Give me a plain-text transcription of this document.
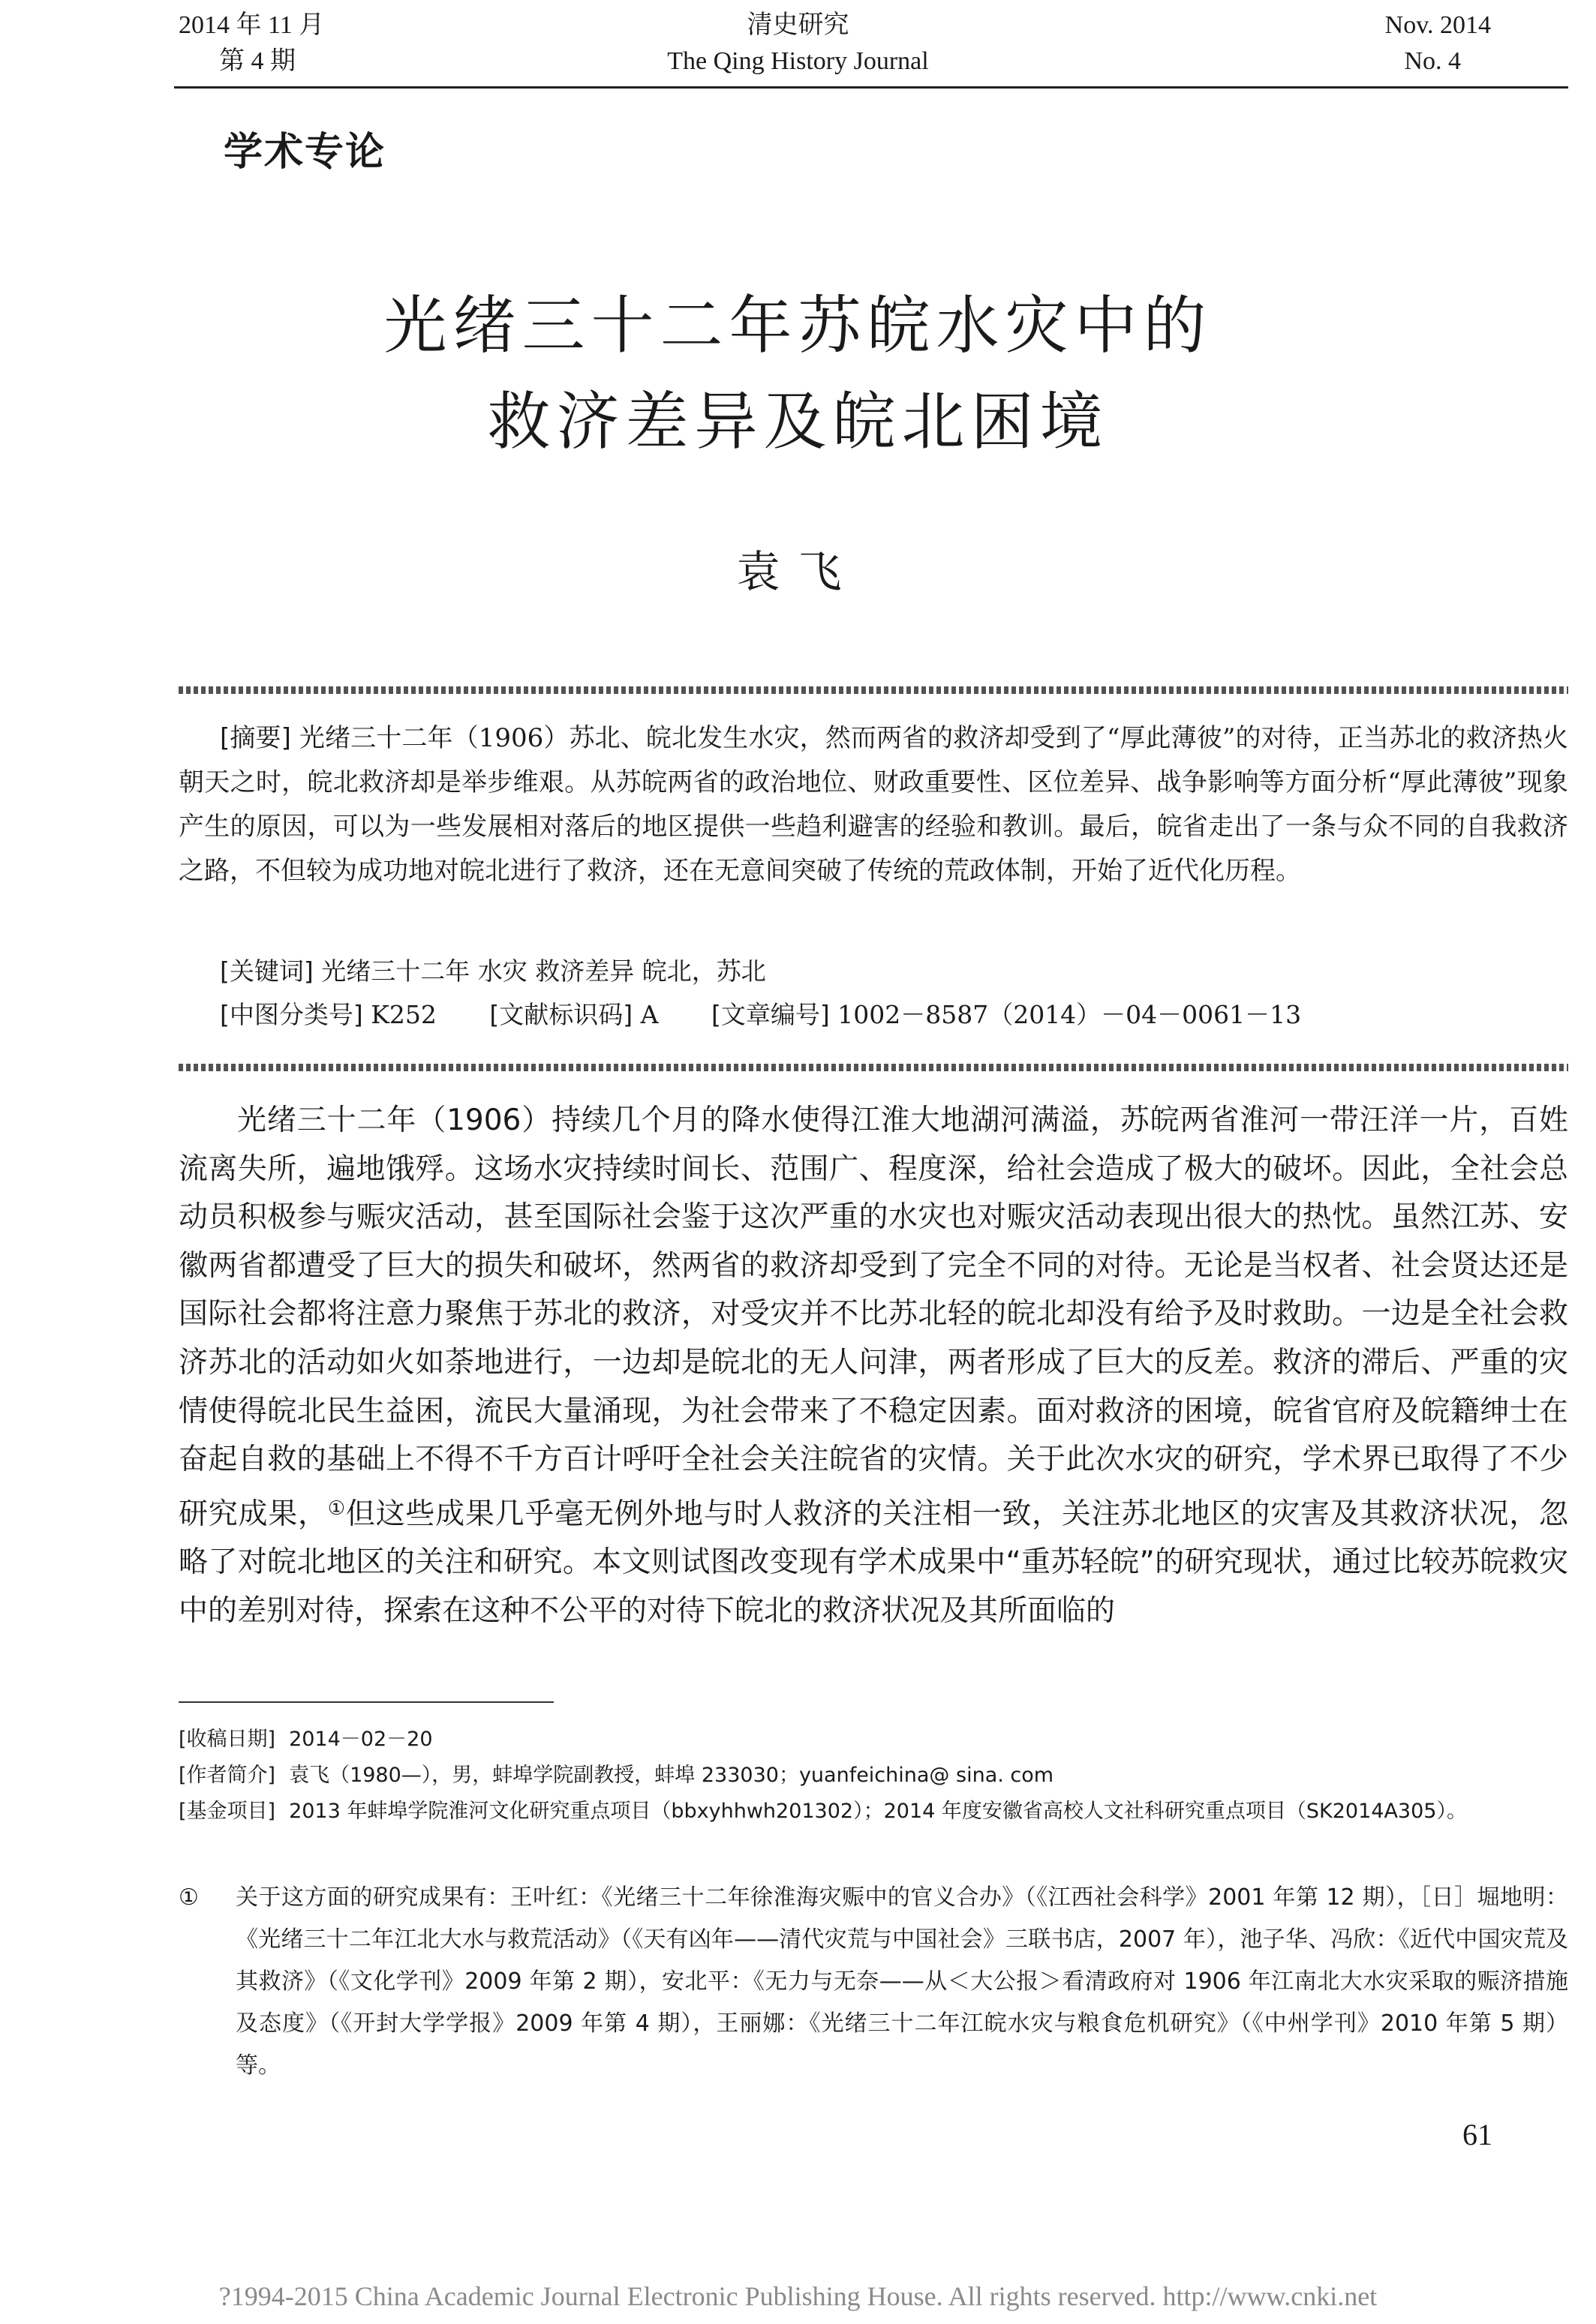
2014 年 11 月
第 4 期
清史研究
The Qing History Journal
Nov. 2014
No. 4
学术专论
光绪三十二年苏皖水灾中的
救济差异及皖北困境
袁飞

[摘要] 光绪三十二年（1906）苏北、皖北发生水灾，然而两省的救济却受到了“厚此薄彼”的对待，正当苏北的救济热火朝天之时，皖北救济却是举步维艰。从苏皖两省的政治地位、财政重要性、区位差异、战争影响等方面分析“厚此薄彼”现象产生的原因，可以为一些发展相对落后的地区提供一些趋利避害的经验和教训。最后，皖省走出了一条与众不同的自我救济之路，不但较为成功地对皖北进行了救济，还在无意间突破了传统的荒政体制，开始了近代化历程。

[关键词] 光绪三十二年 水灾 救济差异 皖北，苏北
[中图分类号] K252 [文献标识码] A [文章编号] 1002－8587（2014）－04－0061－13

光绪三十二年（1906）持续几个月的降水使得江淮大地湖河满溢，苏皖两省淮河一带汪洋一片，百姓流离失所，遍地饿殍。这场水灾持续时间长、范围广、程度深，给社会造成了极大的破坏。因此，全社会总动员积极参与赈灾活动，甚至国际社会鉴于这次严重的水灾也对赈灾活动表现出很大的热忱。虽然江苏、安徽两省都遭受了巨大的损失和破坏，然两省的救济却受到了完全不同的对待。无论是当权者、社会贤达还是国际社会都将注意力聚焦于苏北的救济，对受灾并不比苏北轻的皖北却没有给予及时救助。一边是全社会救济苏北的活动如火如荼地进行，一边却是皖北的无人问津，两者形成了巨大的反差。救济的滞后、严重的灾情使得皖北民生益困，流民大量涌现，为社会带来了不稳定因素。面对救济的困境，皖省官府及皖籍绅士在奋起自救的基础上不得不千方百计呼吁全社会关注皖省的灾情。关于此次水灾的研究，学术界已取得了不少研究成果，①但这些成果几乎毫无例外地与时人救济的关注相一致，关注苏北地区的灾害及其救济状况，忽略了对皖北地区的关注和研究。本文则试图改变现有学术成果中“重苏轻皖”的研究现状，通过比较苏皖救灾中的差别对待，探索在这种不公平的对待下皖北的救济状况及其所面临的

[收稿日期] 2014－02－20
[作者简介] 袁飞（1980—），男，蚌埠学院副教授，蚌埠 233030；yuanfeichina@ sina. com
[基金项目] 2013 年蚌埠学院淮河文化研究重点项目（bbxyhhwh201302）；2014 年度安徽省高校人文社科研究重点项目（SK2014A305）。
①	关于这方面的研究成果有：王叶红：《光绪三十二年徐淮海灾赈中的官义合办》（《江西社会科学》2001 年第 12 期），［日］堀地明：《光绪三十二年江北大水与救荒活动》（《天有凶年——清代灾荒与中国社会》三联书店，2007 年），池子华、冯欣：《近代中国灾荒及其救济》（《文化学刊》2009 年第 2 期），安北平：《无力与无奈——从＜大公报＞看清政府对 1906 年江南北大水灾采取的赈济措施及态度》（《开封大学学报》2009 年第 4 期），王丽娜：《光绪三十二年江皖水灾与粮食危机研究》（《中州学刊》2010 年第 5 期）等。
61
?1994-2015 China Academic Journal Electronic Publishing House. All rights reserved. http://www.cnki.net
